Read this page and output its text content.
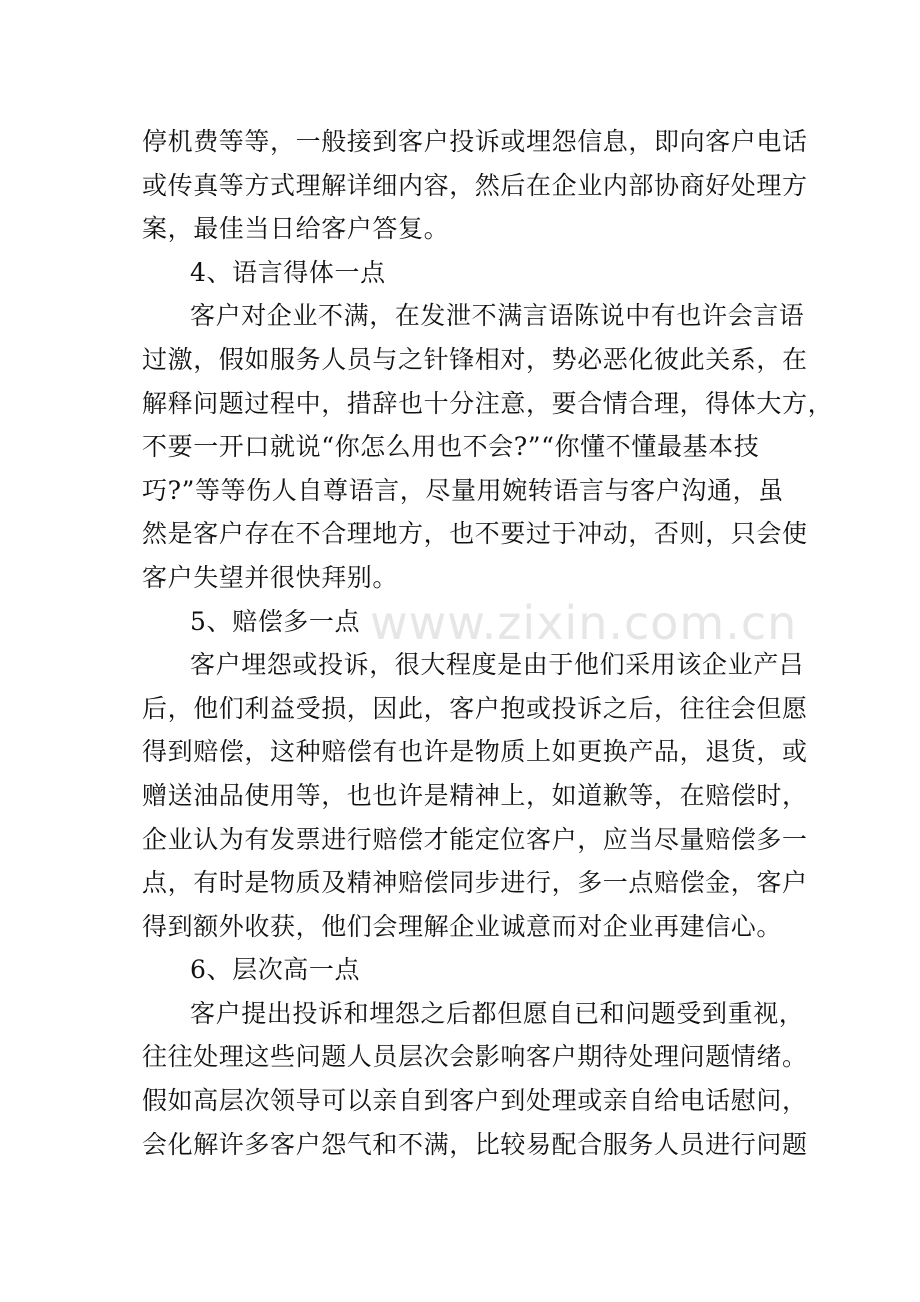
www.zixin.com.cn
停机费等等，一般接到客户投诉或埋怨信息，即向客户电话
或传真等方式理解详细内容，然后在企业内部协商好处理方
案，最佳当日给客户答复。
4、语言得体一点
客户对企业不满，在发泄不满言语陈说中有也许会言语
过激，假如服务人员与之针锋相对，势必恶化彼此关系，在
解释问题过程中，措辞也十分注意，要合情合理，得体大方，
不要一开口就说“你怎么用也不会?”“你懂不懂最基本技
巧?”等等伤人自尊语言，尽量用婉转语言与客户沟通，虽
然是客户存在不合理地方，也不要过于冲动，否则，只会使
客户失望并很快拜别。
5、赔偿多一点
客户埋怨或投诉，很大程度是由于他们采用该企业产吕
后，他们利益受损，因此，客户抱或投诉之后，往往会但愿
得到赔偿，这种赔偿有也许是物质上如更换产品，退货，或
赠送油品使用等，也也许是精神上，如道歉等，在赔偿时，
企业认为有发票进行赔偿才能定位客户，应当尽量赔偿多一
点，有时是物质及精神赔偿同步进行，多一点赔偿金，客户
得到额外收获，他们会理解企业诚意而对企业再建信心。
6、层次高一点
客户提出投诉和埋怨之后都但愿自已和问题受到重视，
往往处理这些问题人员层次会影响客户期待处理问题情绪。
假如高层次领导可以亲自到客户到处理或亲自给电话慰问，
会化解许多客户怨气和不满，比较易配合服务人员进行问题
